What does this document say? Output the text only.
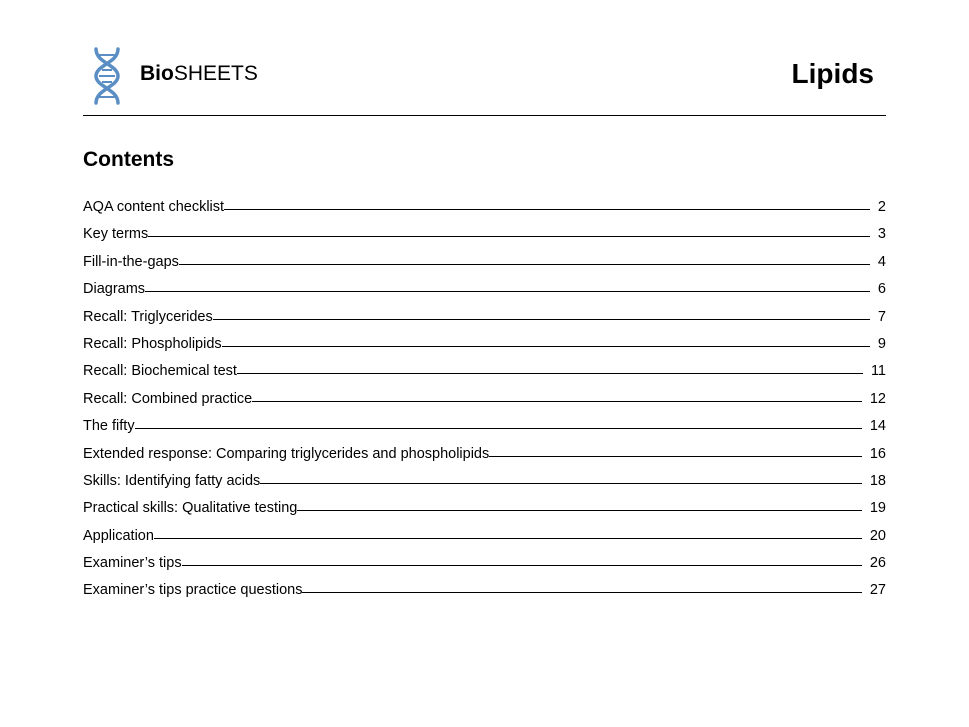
BioSHEETS	Lipids
Contents
AQA content checklist	2
Key terms	3
Fill-in-the-gaps	4
Diagrams	6
Recall: Triglycerides	7
Recall: Phospholipids	9
Recall: Biochemical test	11
Recall: Combined practice	12
The fifty	14
Extended response: Comparing triglycerides and phospholipids	16
Skills: Identifying fatty acids	18
Practical skills: Qualitative testing	19
Application	20
Examiner’s tips	26
Examiner’s tips practice questions	27
